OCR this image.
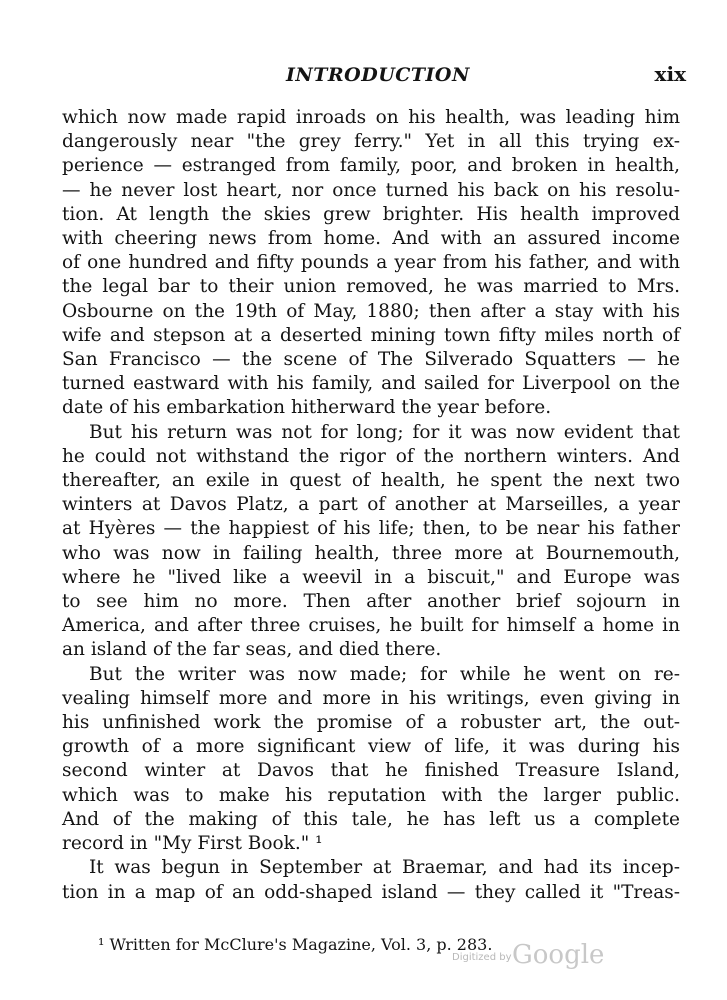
INTRODUCTION	xix
which now made rapid inroads on his health, was leading him
dangerously near "the grey ferry." Yet in all this trying ex-
perience — estranged from family, poor, and broken in health,
— he never lost heart, nor once turned his back on his resolu-
tion. At length the skies grew brighter. His health improved
with cheering news from home. And with an assured income
of one hundred and fifty pounds a year from his father, and with
the legal bar to their union removed, he was married to Mrs.
Osbourne on the 19th of May, 1880; then after a stay with his
wife and stepson at a deserted mining town fifty miles north of
San Francisco — the scene of The Silverado Squatters — he
turned eastward with his family, and sailed for Liverpool on the
date of his embarkation hitherward the year before.
But his return was not for long; for it was now evident that
he could not withstand the rigor of the northern winters. And
thereafter, an exile in quest of health, he spent the next two
winters at Davos Platz, a part of another at Marseilles, a year
at Hyères — the happiest of his life; then, to be near his father
who was now in failing health, three more at Bournemouth,
where he "lived like a weevil in a biscuit," and Europe was
to see him no more. Then after another brief sojourn in
America, and after three cruises, he built for himself a home in
an island of the far seas, and died there.
But the writer was now made; for while he went on re-
vealing himself more and more in his writings, even giving in
his unfinished work the promise of a robuster art, the out-
growth of a more significant view of life, it was during his
second winter at Davos that he finished Treasure Island,
which was to make his reputation with the larger public.
And of the making of this tale, he has left us a complete
record in "My First Book." ¹
It was begun in September at Braemar, and had its incep-
tion in a map of an odd-shaped island — they called it "Treas-
¹ Written for McClure's Magazine, Vol. 3, p. 283.
Digitized by Google
